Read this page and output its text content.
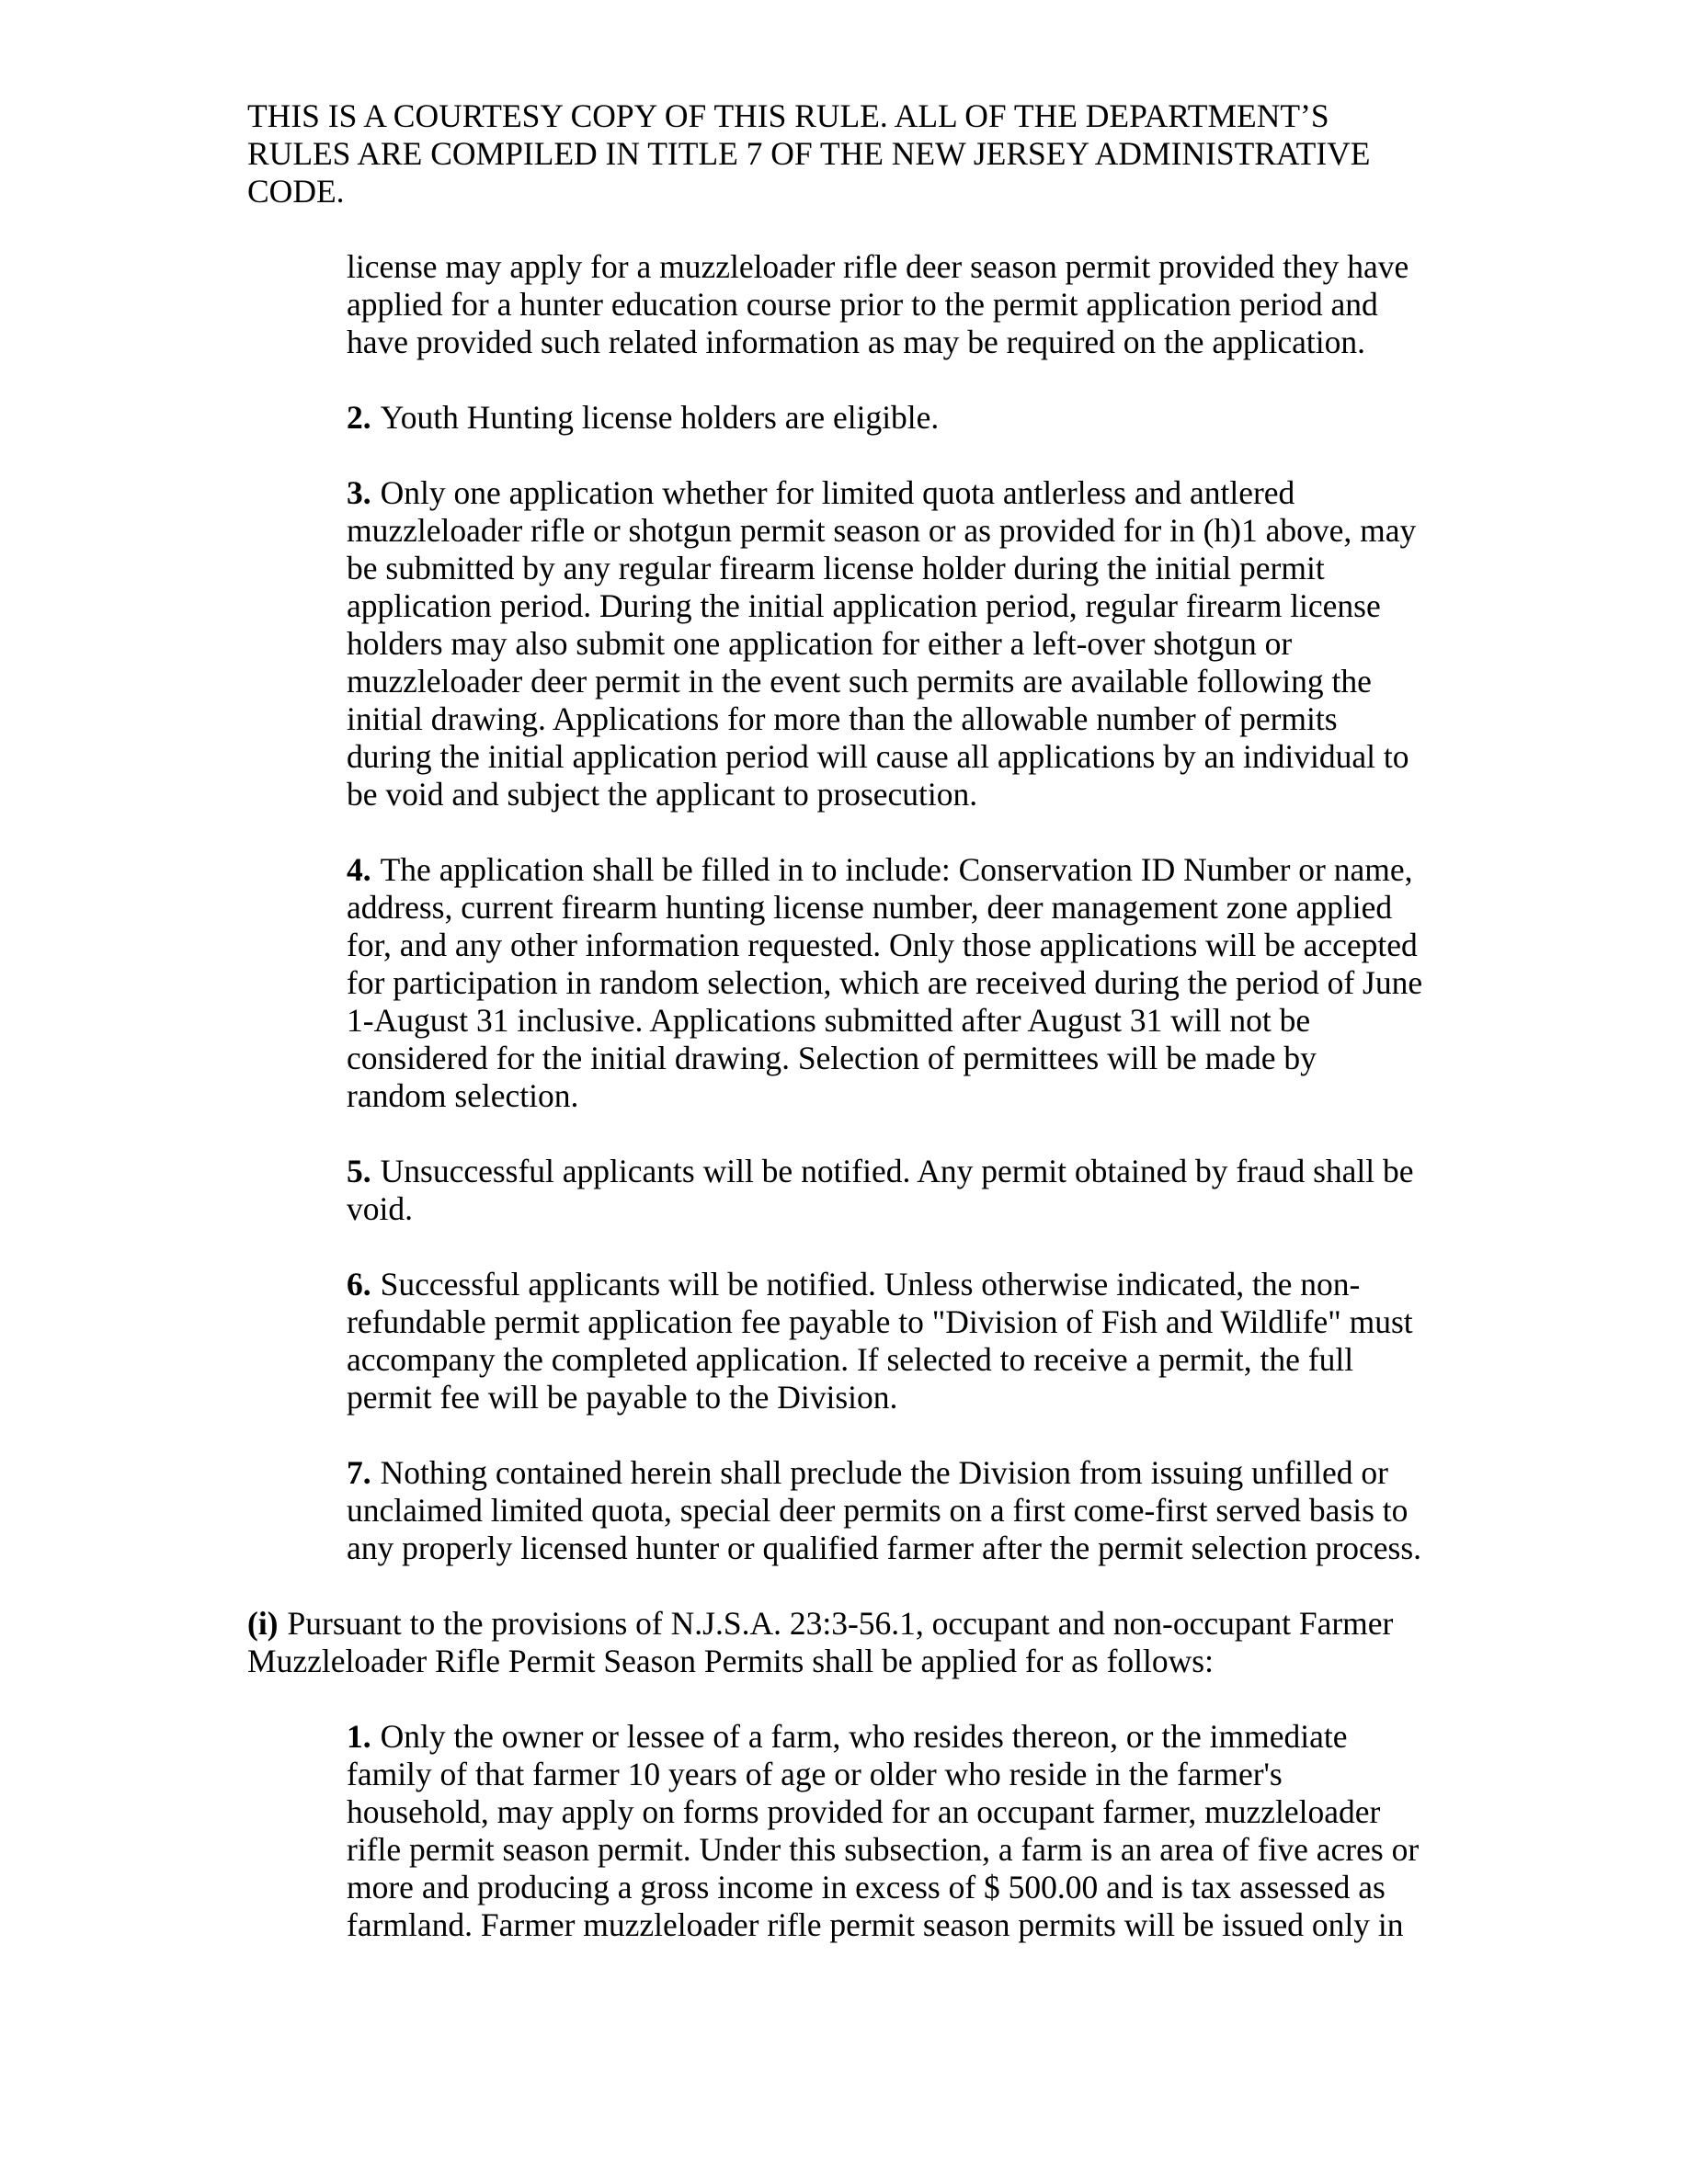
THIS IS A COURTESY COPY OF THIS RULE. ALL OF THE DEPARTMENT’S
RULES ARE COMPILED IN TITLE 7 OF THE NEW JERSEY ADMINISTRATIVE
CODE.
license may apply for a muzzleloader rifle deer season permit provided they have
applied for a hunter education course prior to the permit application period and
have provided such related information as may be required on the application.
2. Youth Hunting license holders are eligible.
3. Only one application whether for limited quota antlerless and antlered
muzzleloader rifle or shotgun permit season or as provided for in (h)1 above, may
be submitted by any regular firearm license holder during the initial permit
application period. During the initial application period, regular firearm license
holders may also submit one application for either a left-over shotgun or
muzzleloader deer permit in the event such permits are available following the
initial drawing. Applications for more than the allowable number of permits
during the initial application period will cause all applications by an individual to
be void and subject the applicant to prosecution.
4. The application shall be filled in to include: Conservation ID Number or name,
address, current firearm hunting license number, deer management zone applied
for, and any other information requested. Only those applications will be accepted
for participation in random selection, which are received during the period of June
1-August 31 inclusive. Applications submitted after August 31 will not be
considered for the initial drawing. Selection of permittees will be made by
random selection.
5. Unsuccessful applicants will be notified. Any permit obtained by fraud shall be
void.
6. Successful applicants will be notified. Unless otherwise indicated, the non-
refundable permit application fee payable to "Division of Fish and Wildlife" must
accompany the completed application. If selected to receive a permit, the full
permit fee will be payable to the Division.
7. Nothing contained herein shall preclude the Division from issuing unfilled or
unclaimed limited quota, special deer permits on a first come-first served basis to
any properly licensed hunter or qualified farmer after the permit selection process.
(i) Pursuant to the provisions of N.J.S.A. 23:3-56.1, occupant and non-occupant Farmer
Muzzleloader Rifle Permit Season Permits shall be applied for as follows:
1. Only the owner or lessee of a farm, who resides thereon, or the immediate
family of that farmer 10 years of age or older who reside in the farmer's
household, may apply on forms provided for an occupant farmer, muzzleloader
rifle permit season permit. Under this subsection, a farm is an area of five acres or
more and producing a gross income in excess of $ 500.00 and is tax assessed as
farmland. Farmer muzzleloader rifle permit season permits will be issued only in
